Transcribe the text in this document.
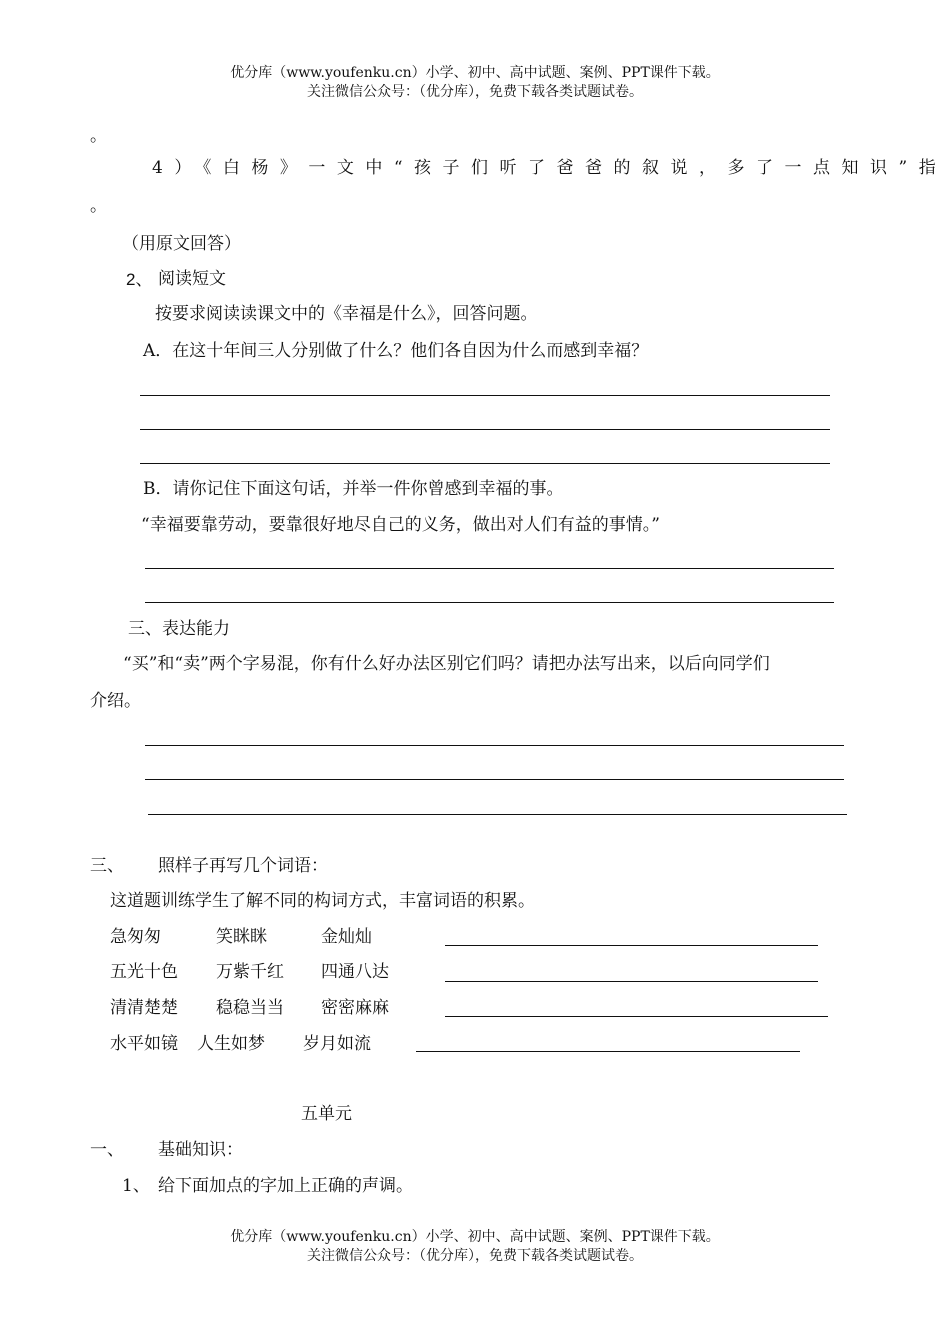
优分库（www.youfenku.cn）小学、初中、高中试题、案例、PPT课件下载。
关注微信公众号：（优分库），免费下载各类试题试卷。
。
4）《白杨》一文中“孩子们听了爸爸的叙说，多了一点知识”指
。
（用原文回答）
2、 阅读短文
按要求阅读读课文中的《幸福是什么》，回答问题。
A．在这十年间三人分别做了什么？他们各自因为什么而感到幸福？
B．请你记住下面这句话，并举一件你曾感到幸福的事。
“幸福要靠劳动，要靠很好地尽自己的义务，做出对人们有益的事情。”
三、表达能力
“买”和“卖”两个字易混，你有什么好办法区别它们吗？请把办法写出来，以后向同学们
介绍。
三、 照样子再写几个词语：
这道题训练学生了解不同的构词方式，丰富词语的积累。
急匆匆	笑眯眯	金灿灿
五光十色 万紫千红 四通八达
清清楚楚 稳稳当当 密密麻麻
水平如镜 人生如梦 岁月如流
五单元
一、 基础知识：
1、 给下面加点的字加上正确的声调。
优分库（www.youfenku.cn）小学、初中、高中试题、案例、PPT课件下载。
关注微信公众号：（优分库），免费下载各类试题试卷。
